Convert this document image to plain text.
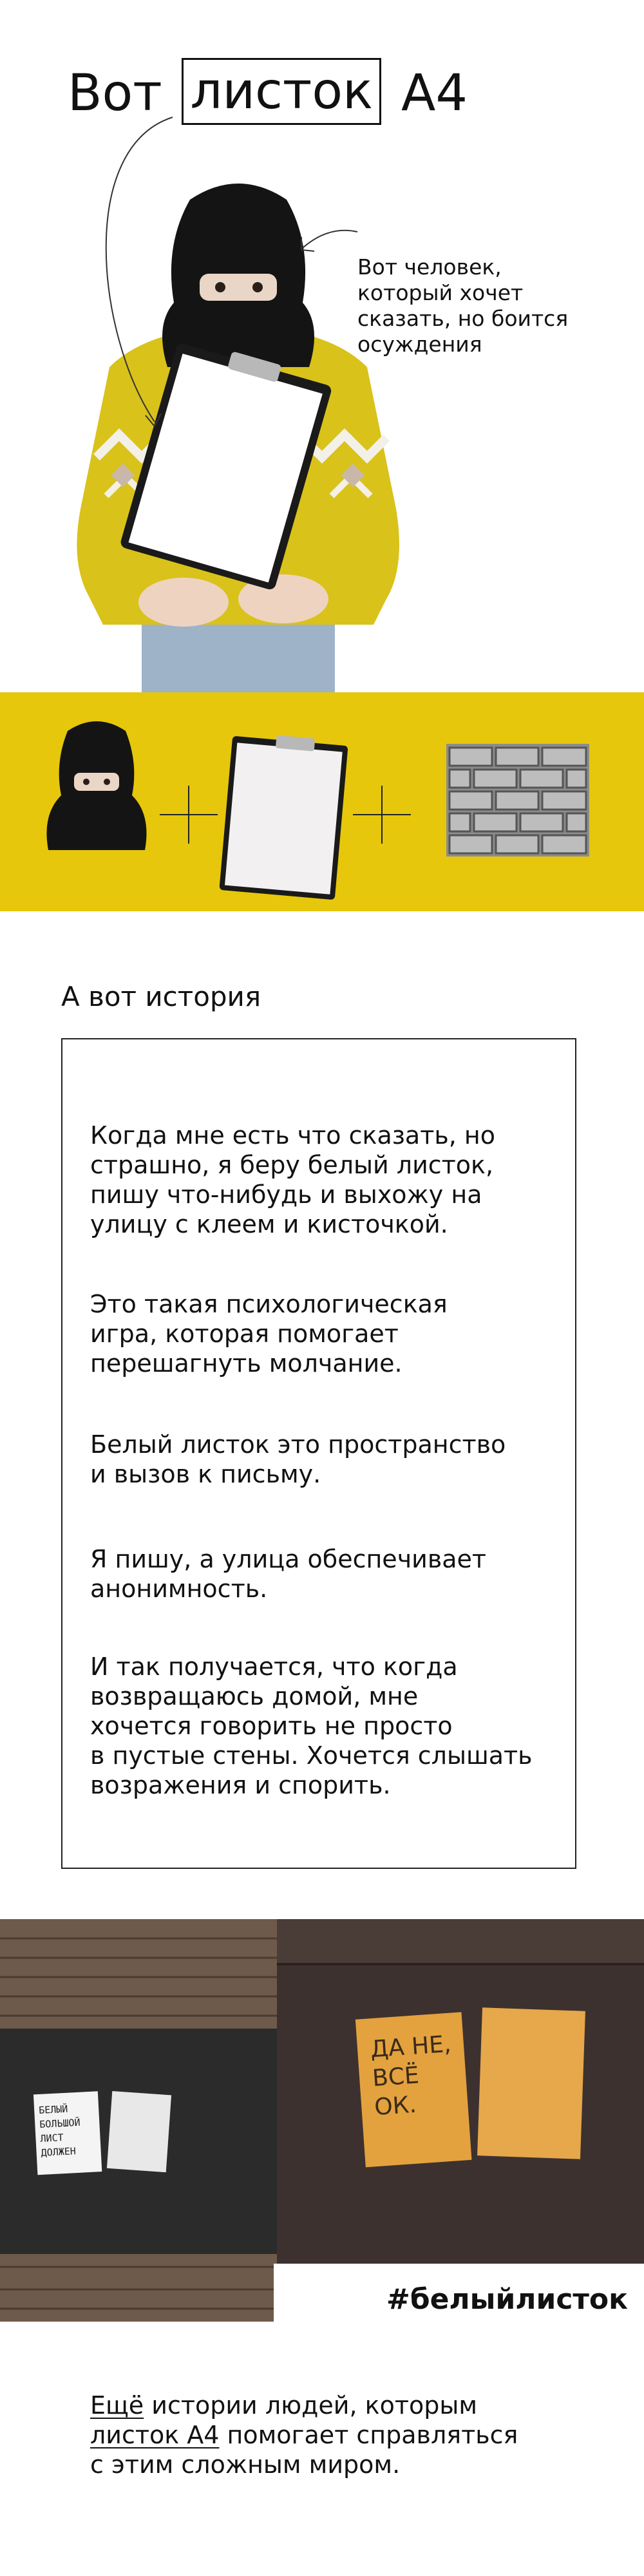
Вот листок А4
Вот человек,
который хочет
сказать, но боится
осуждения
А вот история
Когда мне есть что сказать, но
страшно, я беру белый листок,
пишу что-нибудь и выхожу на
улицу с клеем и кисточкой.
Это такая психологическая
игра, которая помогает
перешагнуть молчание.
Белый листок это пространство
и вызов к письму.
Я пишу, а улица обеспечивает
анонимность.
И так получается, что когда
возвращаюсь домой, мне
хочется говорить не просто
в пустые стены. Хочется слышать
возражения и спорить.
БЕЛЫЙ БОЛЬШОЙ ЛИСТ ДОЛЖЕН
ДА НЕ, ВСЁ ОК.
#белыйлисток
Ещё истории людей, которым
листок А4 помогает справляться
с этим сложным миром.
